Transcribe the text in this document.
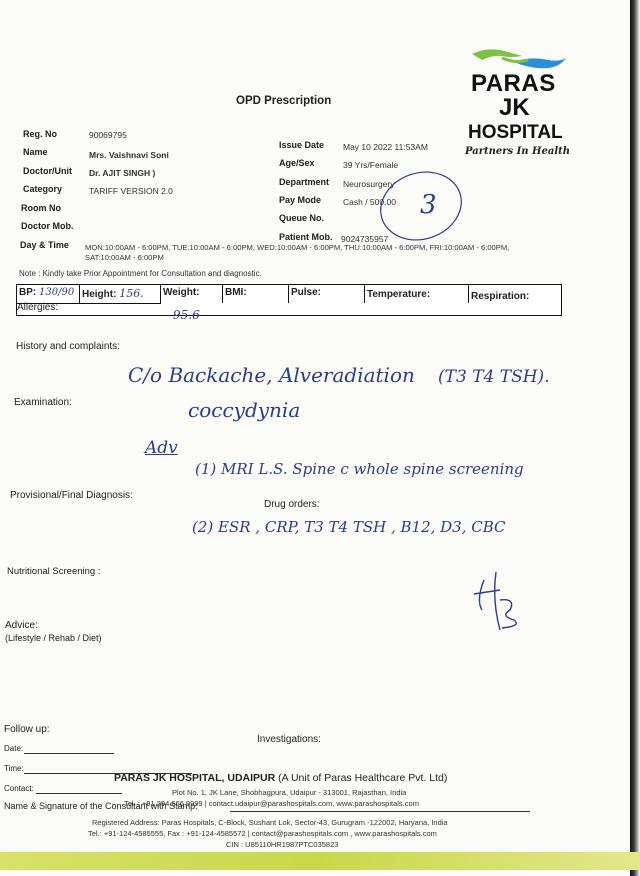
OPD Prescription
PARAS
JK
HOSPITAL
Partners In Health
Reg. No	90069795
Name	Mrs. Vaishnavi Soni
Doctor/Unit Dr. AJIT SINGH )
Category	TARIFF VERSION 2.0
Room No
Doctor Mob.
Day & Time MON:10:00AM - 6:00PM, TUE:10:00AM - 6:00PM, WED:10:00AM - 6:00PM, THU:10:00AM - 6:00PM, FRI:10:00AM - 6:00PM,
SAT:10:00AM - 6:00PM
Issue Date May 10 2022 11:53AM
Age/Sex	39 Yrs/Female
Department Neurosurgery
Pay Mode	Cash / 500.00
Queue No.
Patient Mob. 9024735957
3
Note : Kindly take Prior Appointment for Consultation and diagnostic.
BP: 130/90 Height: 156.	Weight:	BMI:	Pulse:	Temperature:	Respiration:
95.6
Allergies:
History and complaints:
Examination:
Provisional/Final Diagnosis:
Drug orders:
Nutritional Screening :
Advice:
(Lifestyle / Rehab / Diet)
Follow up:
Investigations:
Date:
Time:
Contact:
Name & Signature of the Consultant with Stamp:
C/o Backache, Alveradiation (T3 T4 TSH).
coccydynia
Adv
(1) MRI L.S. Spine c whole spine screening
(2) ESR , CRP, T3 T4 TSH , B12, D3, CBC
PARAS JK HOSPITAL, UDAIPUR (A Unit of Paras Healthcare Pvt. Ltd)
Plot No. 1, JK Lane, Shobhagpura, Udaipur - 313001, Rajasthan, India
Tel. : +91 294 666 9999 | contact.udaipur@parashospitals.com, www.parashospitals.com
Registered Address: Paras Hospitals, C-Block, Sushant Lok, Sector-43, Gurugram -122002, Haryana, India
Tel.: +91-124-4585555, Fax : +91-124-4585572 | contact@parashospitals.com , www.parashospitals.com
CIN : U85110HR1987PTC035823
